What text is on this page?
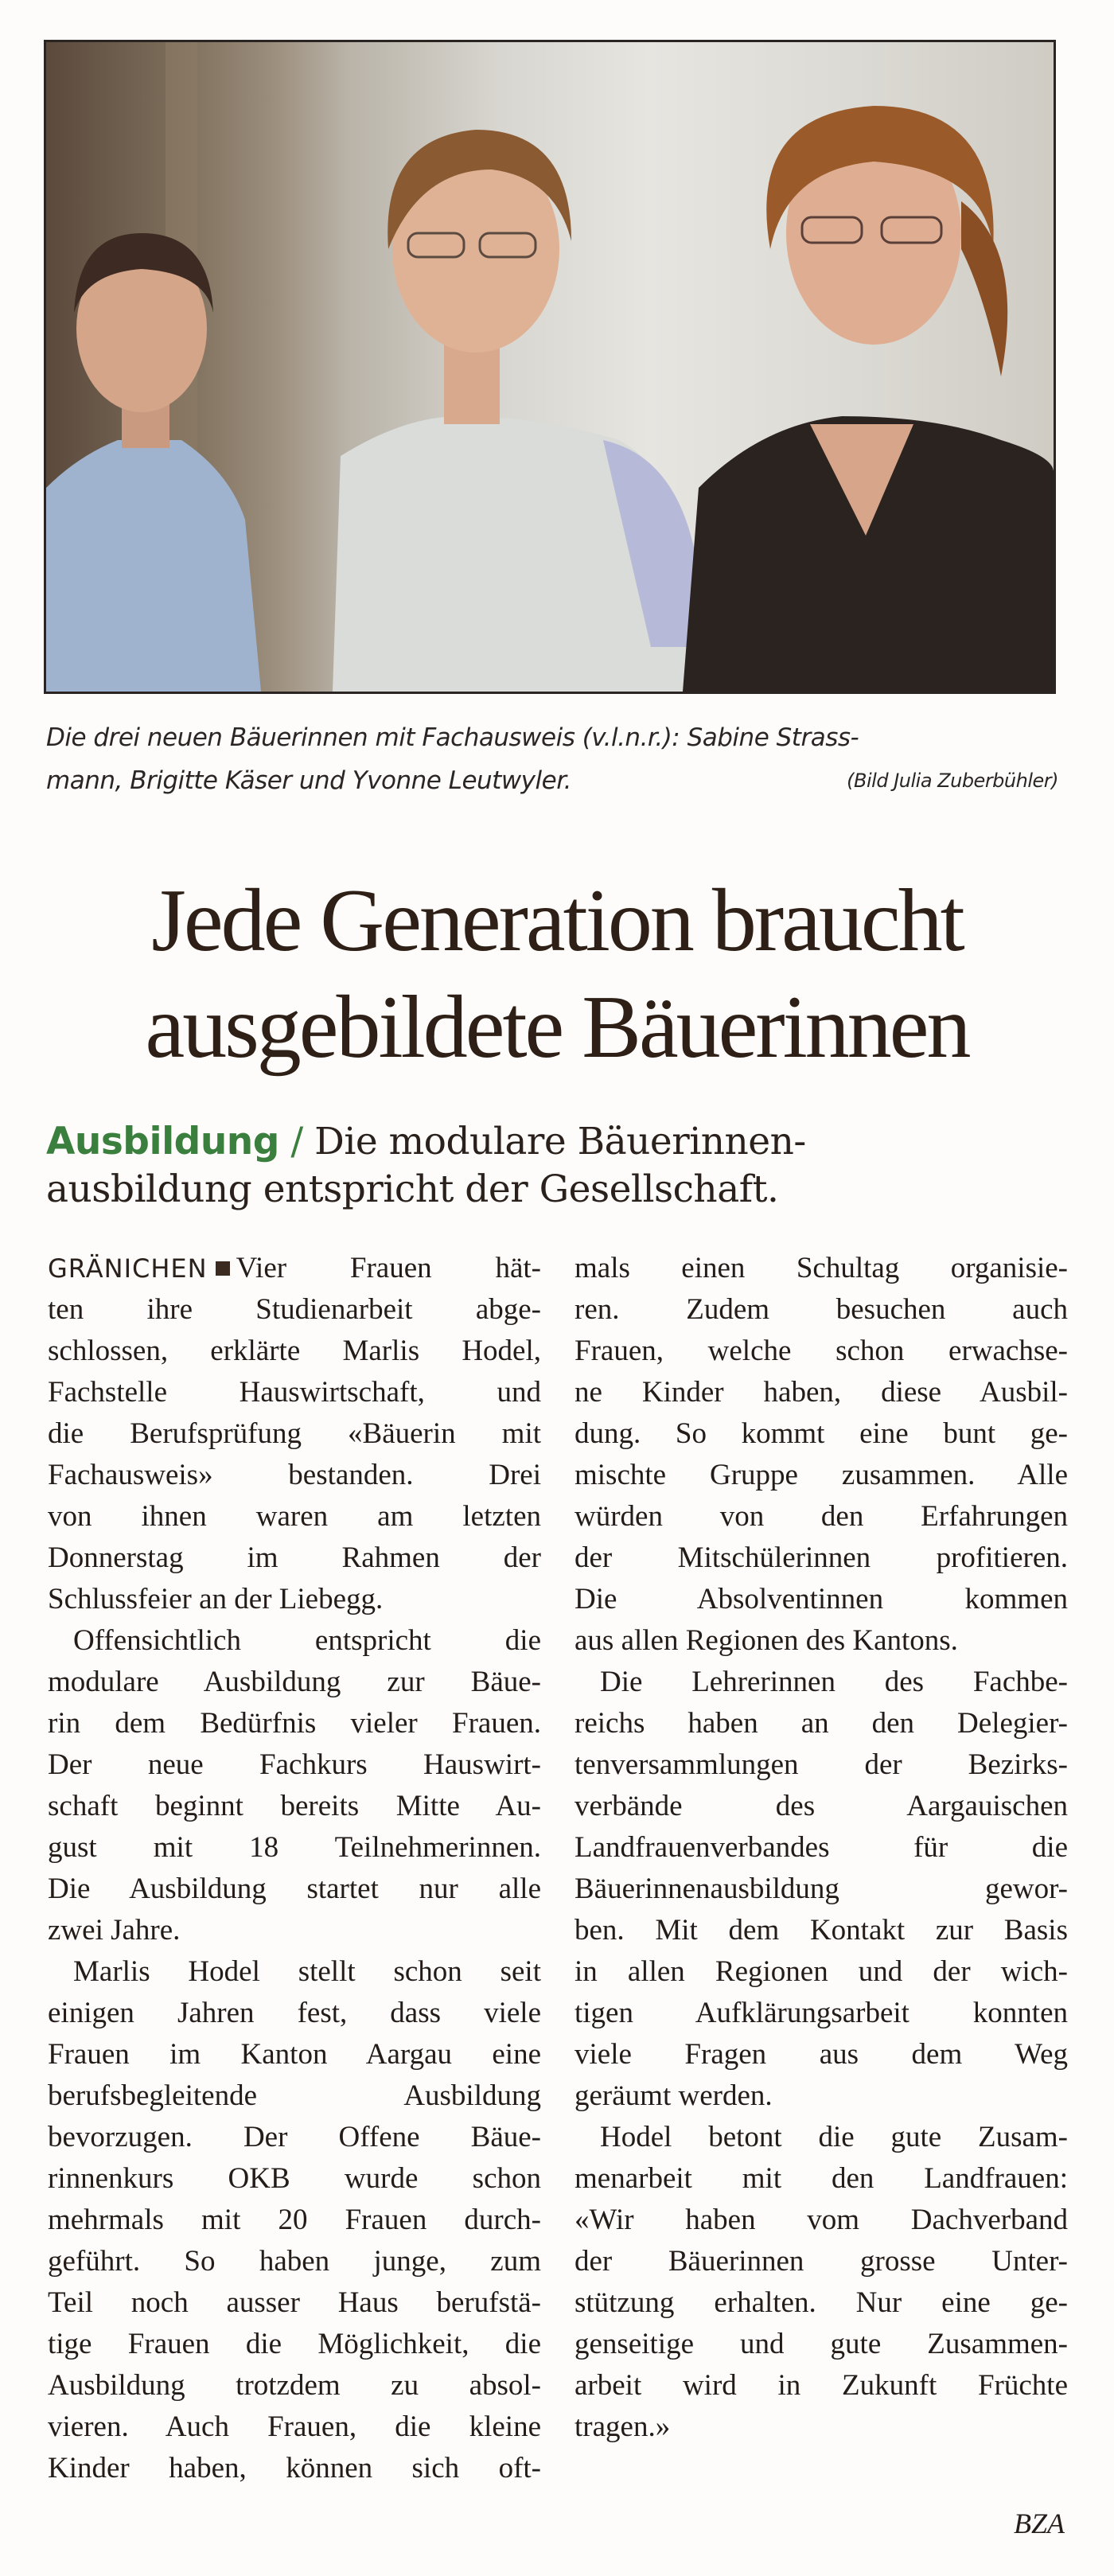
Die drei neuen Bäuerinnen mit Fachausweis (v.l.n.r.): Sabine Strass-
mann, Brigitte Käser und Yvonne Leutwyler.	(Bild Julia Zuberbühler)
Jede Generation braucht
ausgebildete Bäuerinnen
Ausbildung / Die modulare Bäuerinnen-
ausbildung entspricht der Gesellschaft.
GRÄNICHEN Vier Frauen hät-
ten ihre Studienarbeit abge-
schlossen, erklärte Marlis Hodel,
Fachstelle Hauswirtschaft, und
die Berufsprüfung «Bäuerin mit
Fachausweis» bestanden. Drei
von ihnen waren am letzten
Donnerstag im Rahmen der
Schlussfeier an der Liebegg.
Offensichtlich entspricht die
modulare Ausbildung zur Bäue-
rin dem Bedürfnis vieler Frauen.
Der neue Fachkurs Hauswirt-
schaft beginnt bereits Mitte Au-
gust mit 18 Teilnehmerinnen.
Die Ausbildung startet nur alle
zwei Jahre.
Marlis Hodel stellt schon seit
einigen Jahren fest, dass viele
Frauen im Kanton Aargau eine
berufsbegleitende Ausbildung
bevorzugen. Der Offene Bäue-
rinnenkurs OKB wurde schon
mehrmals mit 20 Frauen durch-
geführt. So haben junge, zum
Teil noch ausser Haus berufstä-
tige Frauen die Möglichkeit, die
Ausbildung trotzdem zu absol-
vieren. Auch Frauen, die kleine
Kinder haben, können sich oft-
mals einen Schultag organisie-
ren. Zudem besuchen auch
Frauen, welche schon erwachse-
ne Kinder haben, diese Ausbil-
dung. So kommt eine bunt ge-
mischte Gruppe zusammen. Alle
würden von den Erfahrungen
der Mitschülerinnen profitieren.
Die Absolventinnen kommen
aus allen Regionen des Kantons.
Die Lehrerinnen des Fachbe-
reichs haben an den Delegier-
tenversammlungen der Bezirks-
verbände des Aargauischen
Landfrauenverbandes für die
Bäuerinnenausbildung gewor-
ben. Mit dem Kontakt zur Basis
in allen Regionen und der wich-
tigen Aufklärungsarbeit konnten
viele Fragen aus dem Weg
geräumt werden.
Hodel betont die gute Zusam-
menarbeit mit den Landfrauen:
«Wir haben vom Dachverband
der Bäuerinnen grosse Unter-
stützung erhalten. Nur eine ge-
genseitige und gute Zusammen-
arbeit wird in Zukunft Früchte
tragen.»
BZA
